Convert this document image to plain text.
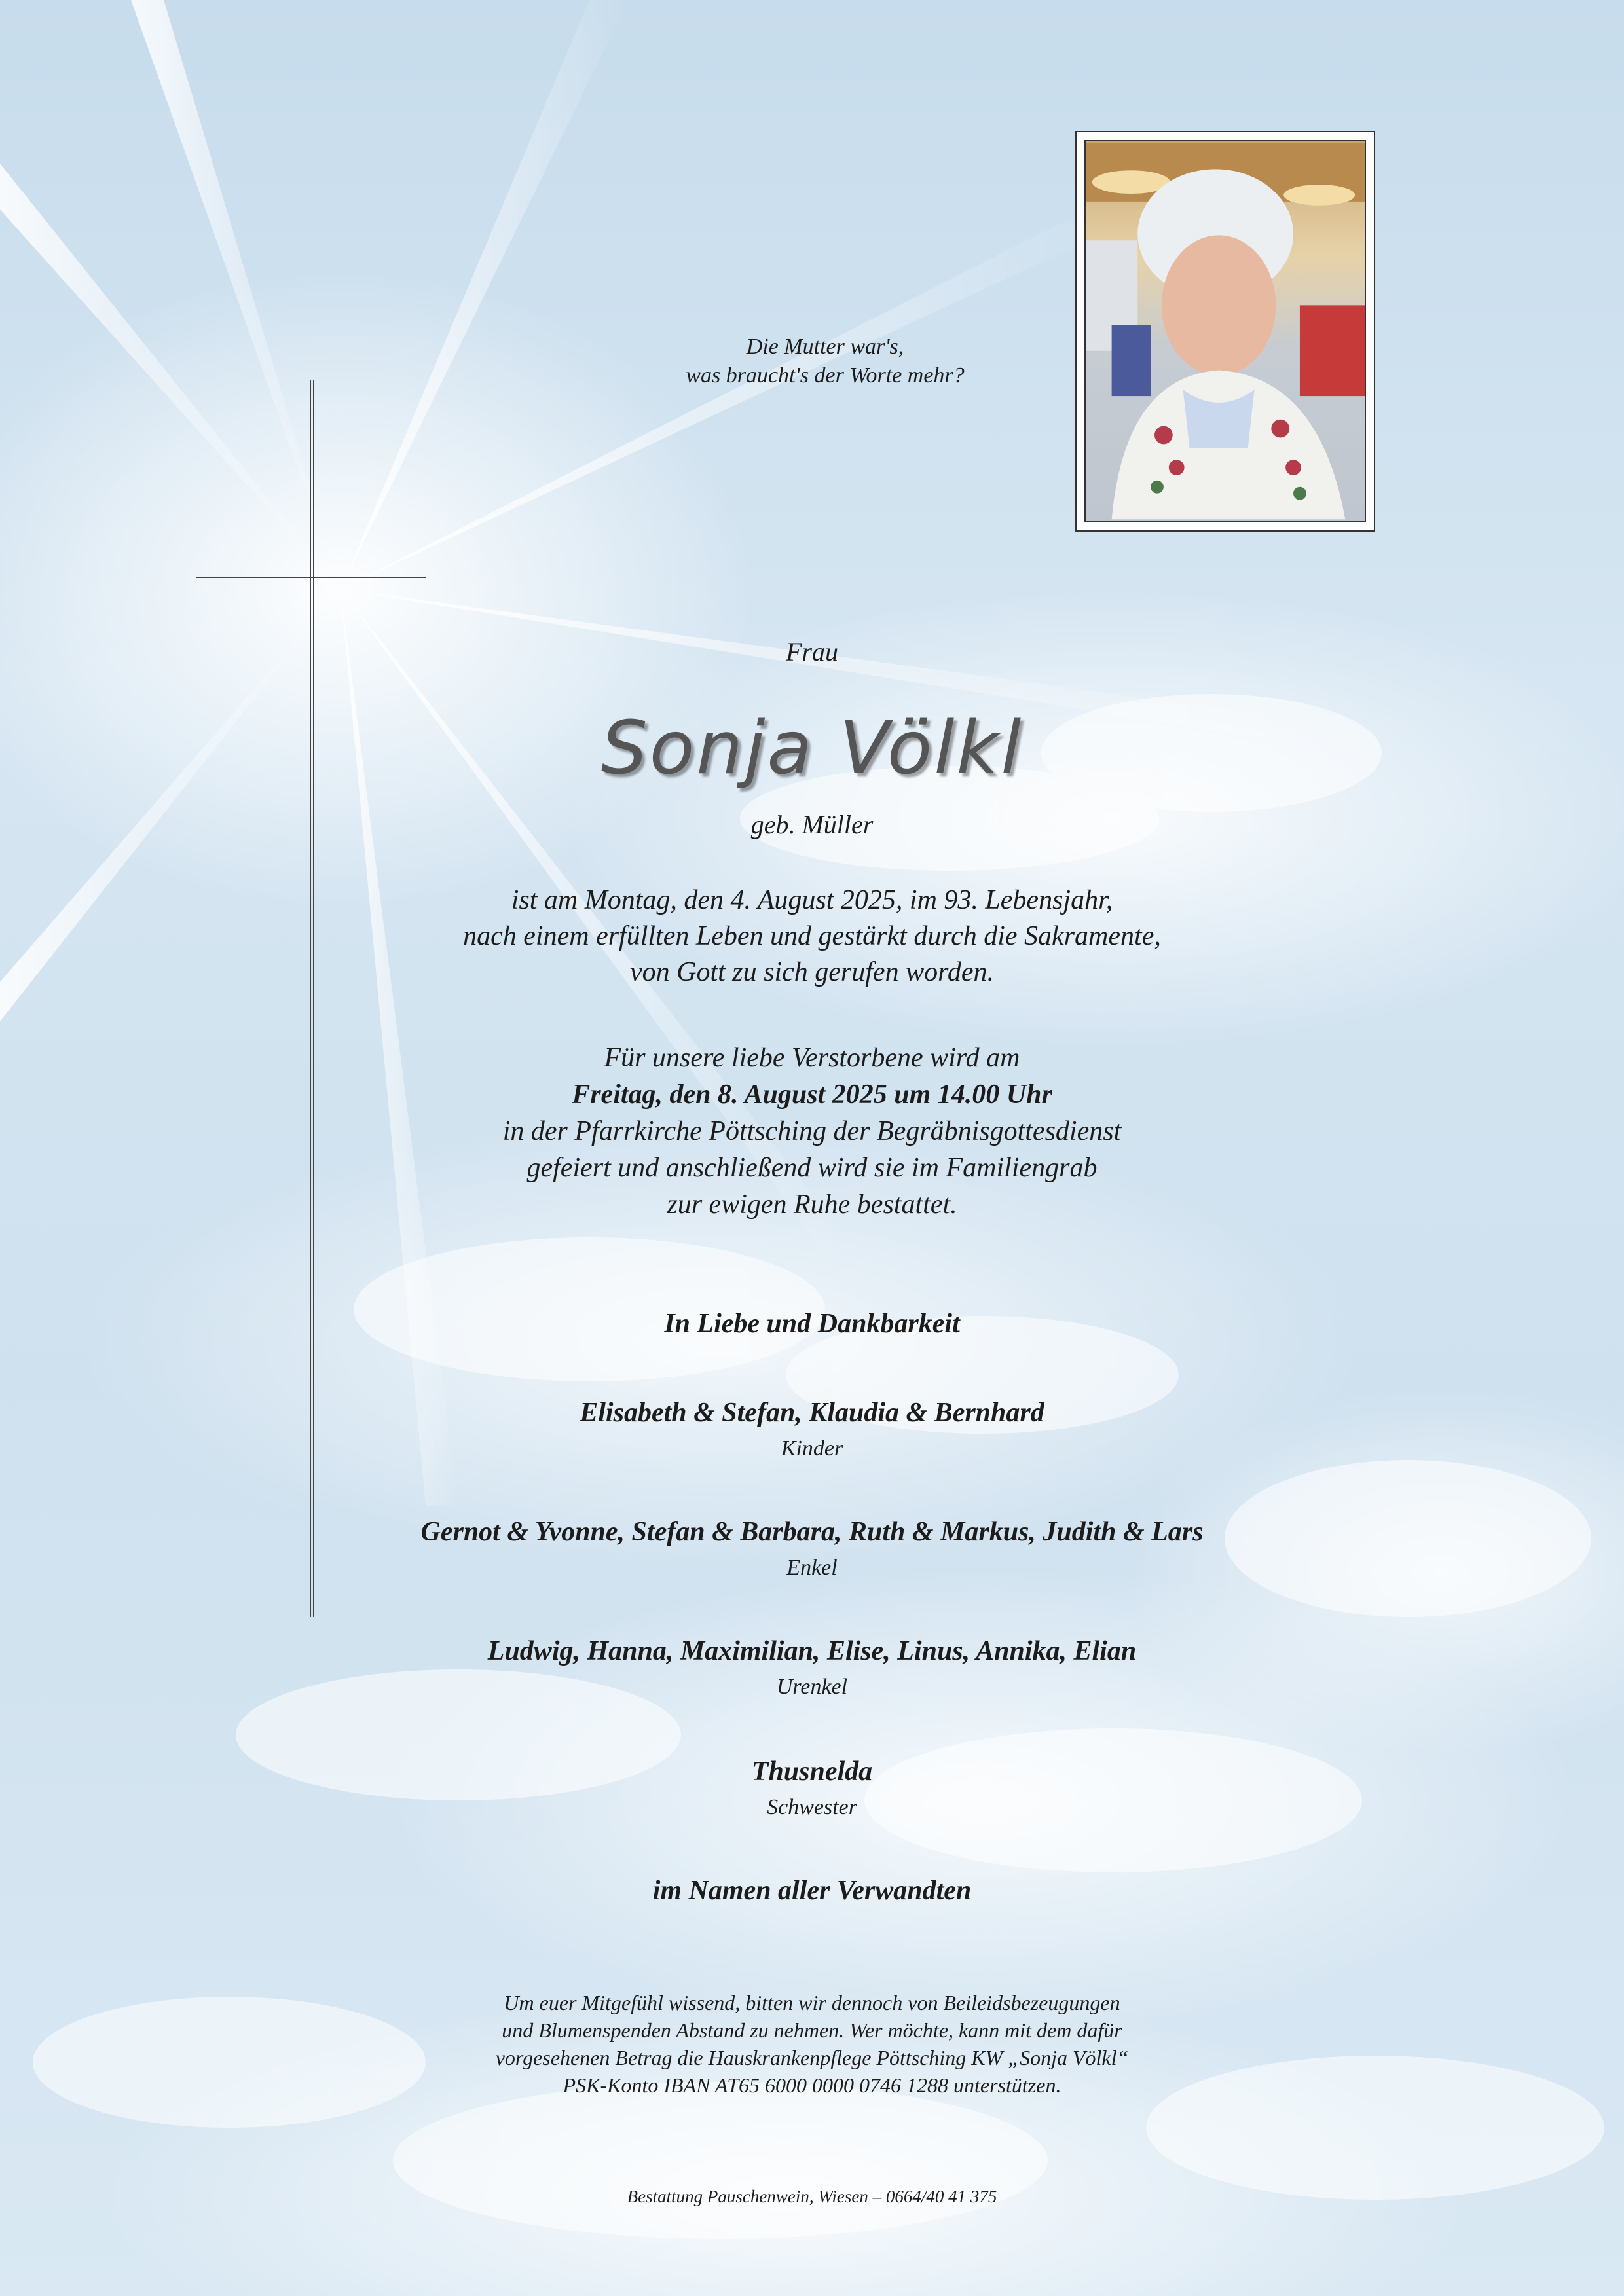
Die Mutter war's,
was braucht's der Worte mehr?
Frau
Sonja Völkl
geb. Müller
ist am Montag, den 4. August 2025, im 93. Lebensjahr,
nach einem erfüllten Leben und gestärkt durch die Sakramente,
von Gott zu sich gerufen worden.
Für unsere liebe Verstorbene wird am
Freitag, den 8. August 2025 um 14.00 Uhr
in der Pfarrkirche Pöttsching der Begräbnisgottesdienst
gefeiert und anschließend wird sie im Familiengrab
zur ewigen Ruhe bestattet.
In Liebe und Dankbarkeit
Elisabeth & Stefan, Klaudia & Bernhard
Kinder
Gernot & Yvonne, Stefan & Barbara, Ruth & Markus, Judith & Lars
Enkel
Ludwig, Hanna, Maximilian, Elise, Linus, Annika, Elian
Urenkel
Thusnelda
Schwester
im Namen aller Verwandten
Um euer Mitgefühl wissend, bitten wir dennoch von Beileidsbezeugungen
und Blumenspenden Abstand zu nehmen. Wer möchte, kann mit dem dafür
vorgesehenen Betrag die Hauskrankenpflege Pöttsching KW „Sonja Völkl“
PSK-Konto IBAN AT65 6000 0000 0746 1288 unterstützen.
Bestattung Pauschenwein, Wiesen – 0664/40 41 375
